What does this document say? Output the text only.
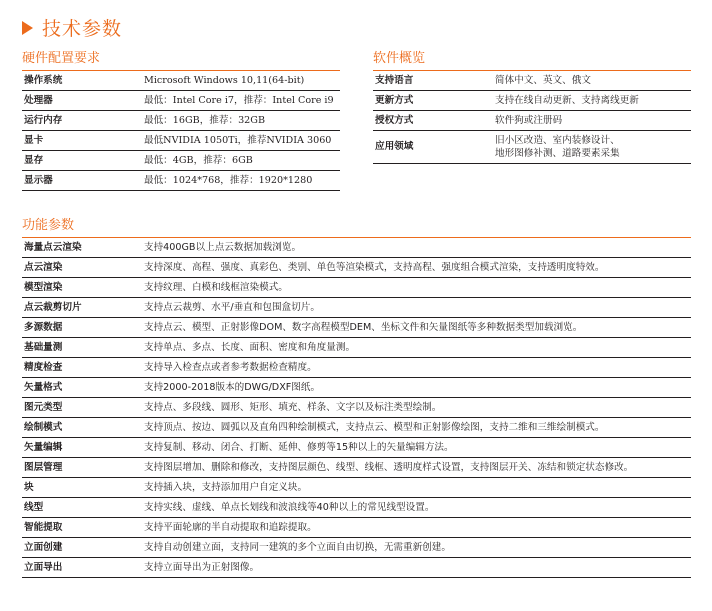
技术参数
硬件配置要求
操作系统	Microsoft Windows 10,11(64-bit)
处理器	最低：Intel Core i7，推荐：Intel Core i9
运行内存	最低：16GB，推荐：32GB
显卡	最低NVIDIA 1050Ti，推荐NVIDIA 3060
显存	最低：4GB，推荐：6GB
显示器	最低：1024*768，推荐：1920*1280
软件概览
支持语言	简体中文、英文、俄文
更新方式	支持在线自动更新、支持离线更新
授权方式	软件狗或注册码
应用领域	旧小区改造、室内装修设计、
地形图修补测、道路要素采集
功能参数
海量点云渲染	支持400GB以上点云数据加载浏览。
点云渲染	支持深度、高程、强度、真彩色、类别、单色等渲染模式，支持高程、强度组合模式渲染，支持透明度特效。
模型渲染	支持纹理、白模和线框渲染模式。
点云裁剪切片	支持点云裁剪、水平/垂直和包围盒切片。
多源数据	支持点云、模型、正射影像DOM、数字高程模型DEM、坐标文件和矢量图纸等多种数据类型加载浏览。
基础量测	支持单点、多点、长度、面积、密度和角度量测。
精度检查	支持导入检查点或者参考数据检查精度。
矢量格式	支持2000-2018版本的DWG/DXF图纸。
图元类型	支持点、多段线、圆形、矩形、填充、样条、文字以及标注类型绘制。
绘制模式	支持顶点、按边、圆弧以及直角四种绘制模式，支持点云、模型和正射影像绘图，支持二维和三维绘制模式。
矢量编辑	支持复制、移动、闭合、打断、延伸、修剪等15种以上的矢量编辑方法。
图层管理	支持图层增加、删除和修改，支持图层颜色、线型、线框、透明度样式设置，支持图层开关、冻结和锁定状态修改。
块	支持插入块，支持添加用户自定义块。
线型	支持实线、虚线、单点长划线和波浪线等40种以上的常见线型设置。
智能提取	支持平面轮廓的半自动提取和追踪提取。
立面创建	支持自动创建立面，支持同一建筑的多个立面自由切换，无需重新创建。
立面导出	支持立面导出为正射图像。
